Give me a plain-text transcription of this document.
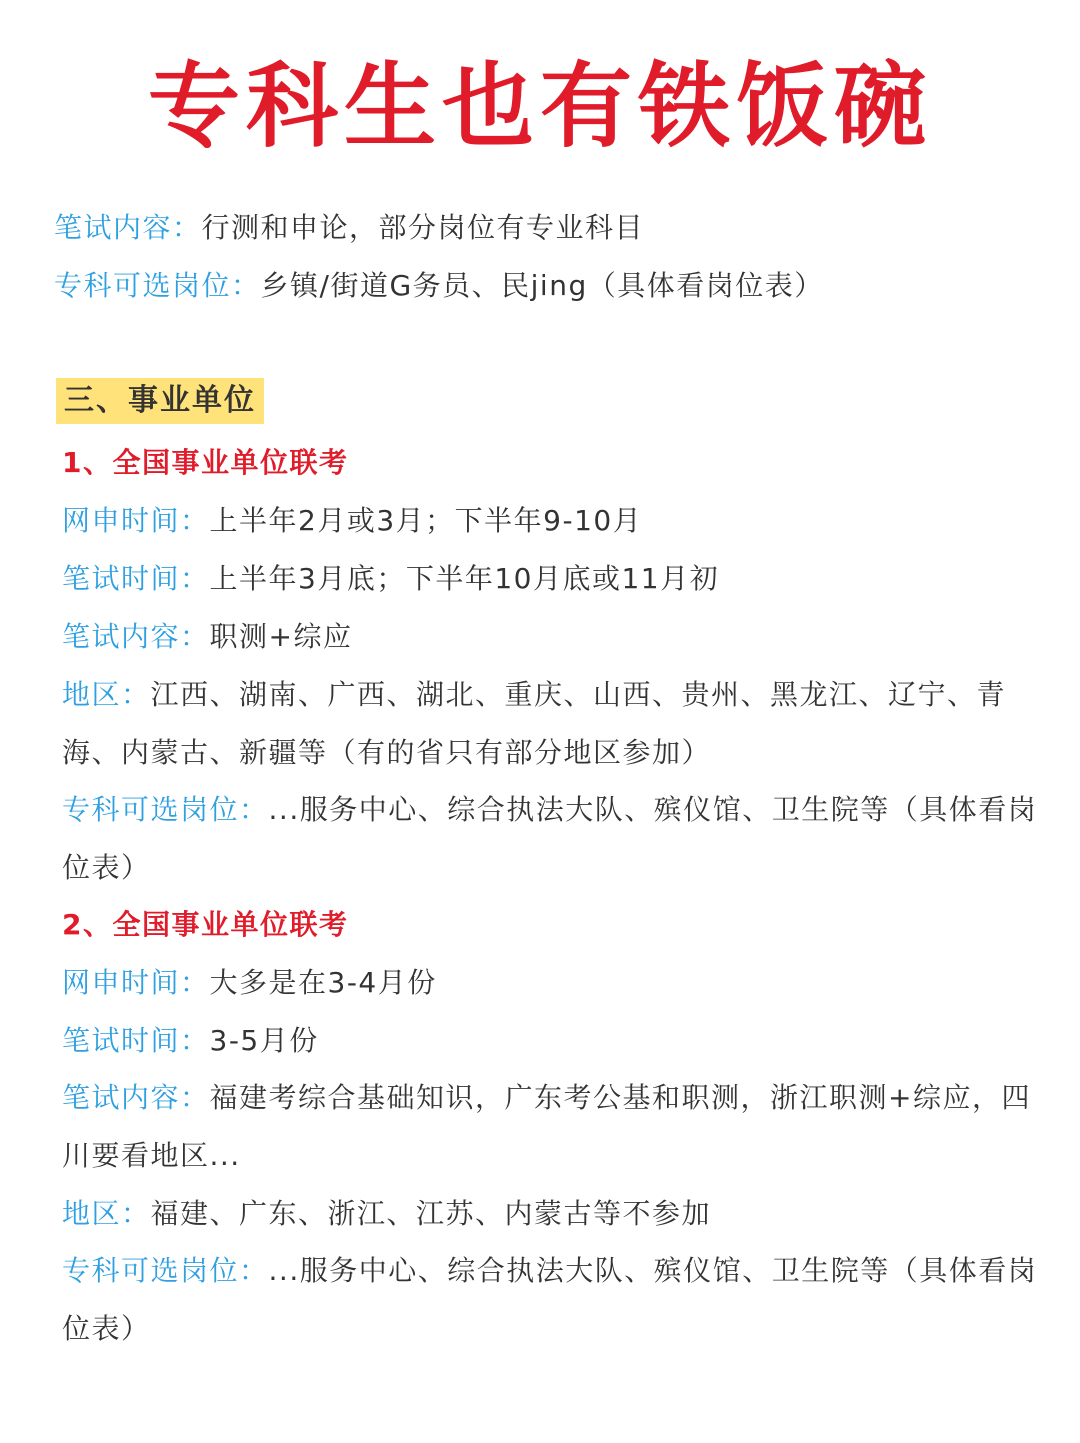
专科生也有铁饭碗
笔试内容：行测和申论，部分岗位有专业科目
专科可选岗位：乡镇/街道G务员、民jing（具体看岗位表）
三、事业单位
1、全国事业单位联考
网申时间：上半年2月或3月；下半年9-10月
笔试时间：上半年3月底；下半年10月底或11月初
笔试内容：职测+综应
地区：江西、湖南、广西、湖北、重庆、山西、贵州、黑龙江、辽宁、青海、内蒙古、新疆等（有的省只有部分地区参加）
专科可选岗位：...服务中心、综合执法大队、殡仪馆、卫生院等（具体看岗位表）
2、全国事业单位联考
网申时间：大多是在3-4月份
笔试时间：3-5月份
笔试内容：福建考综合基础知识，广东考公基和职测，浙江职测+综应，四川要看地区...
地区：福建、广东、浙江、江苏、内蒙古等不参加
专科可选岗位：...服务中心、综合执法大队、殡仪馆、卫生院等（具体看岗位表）
